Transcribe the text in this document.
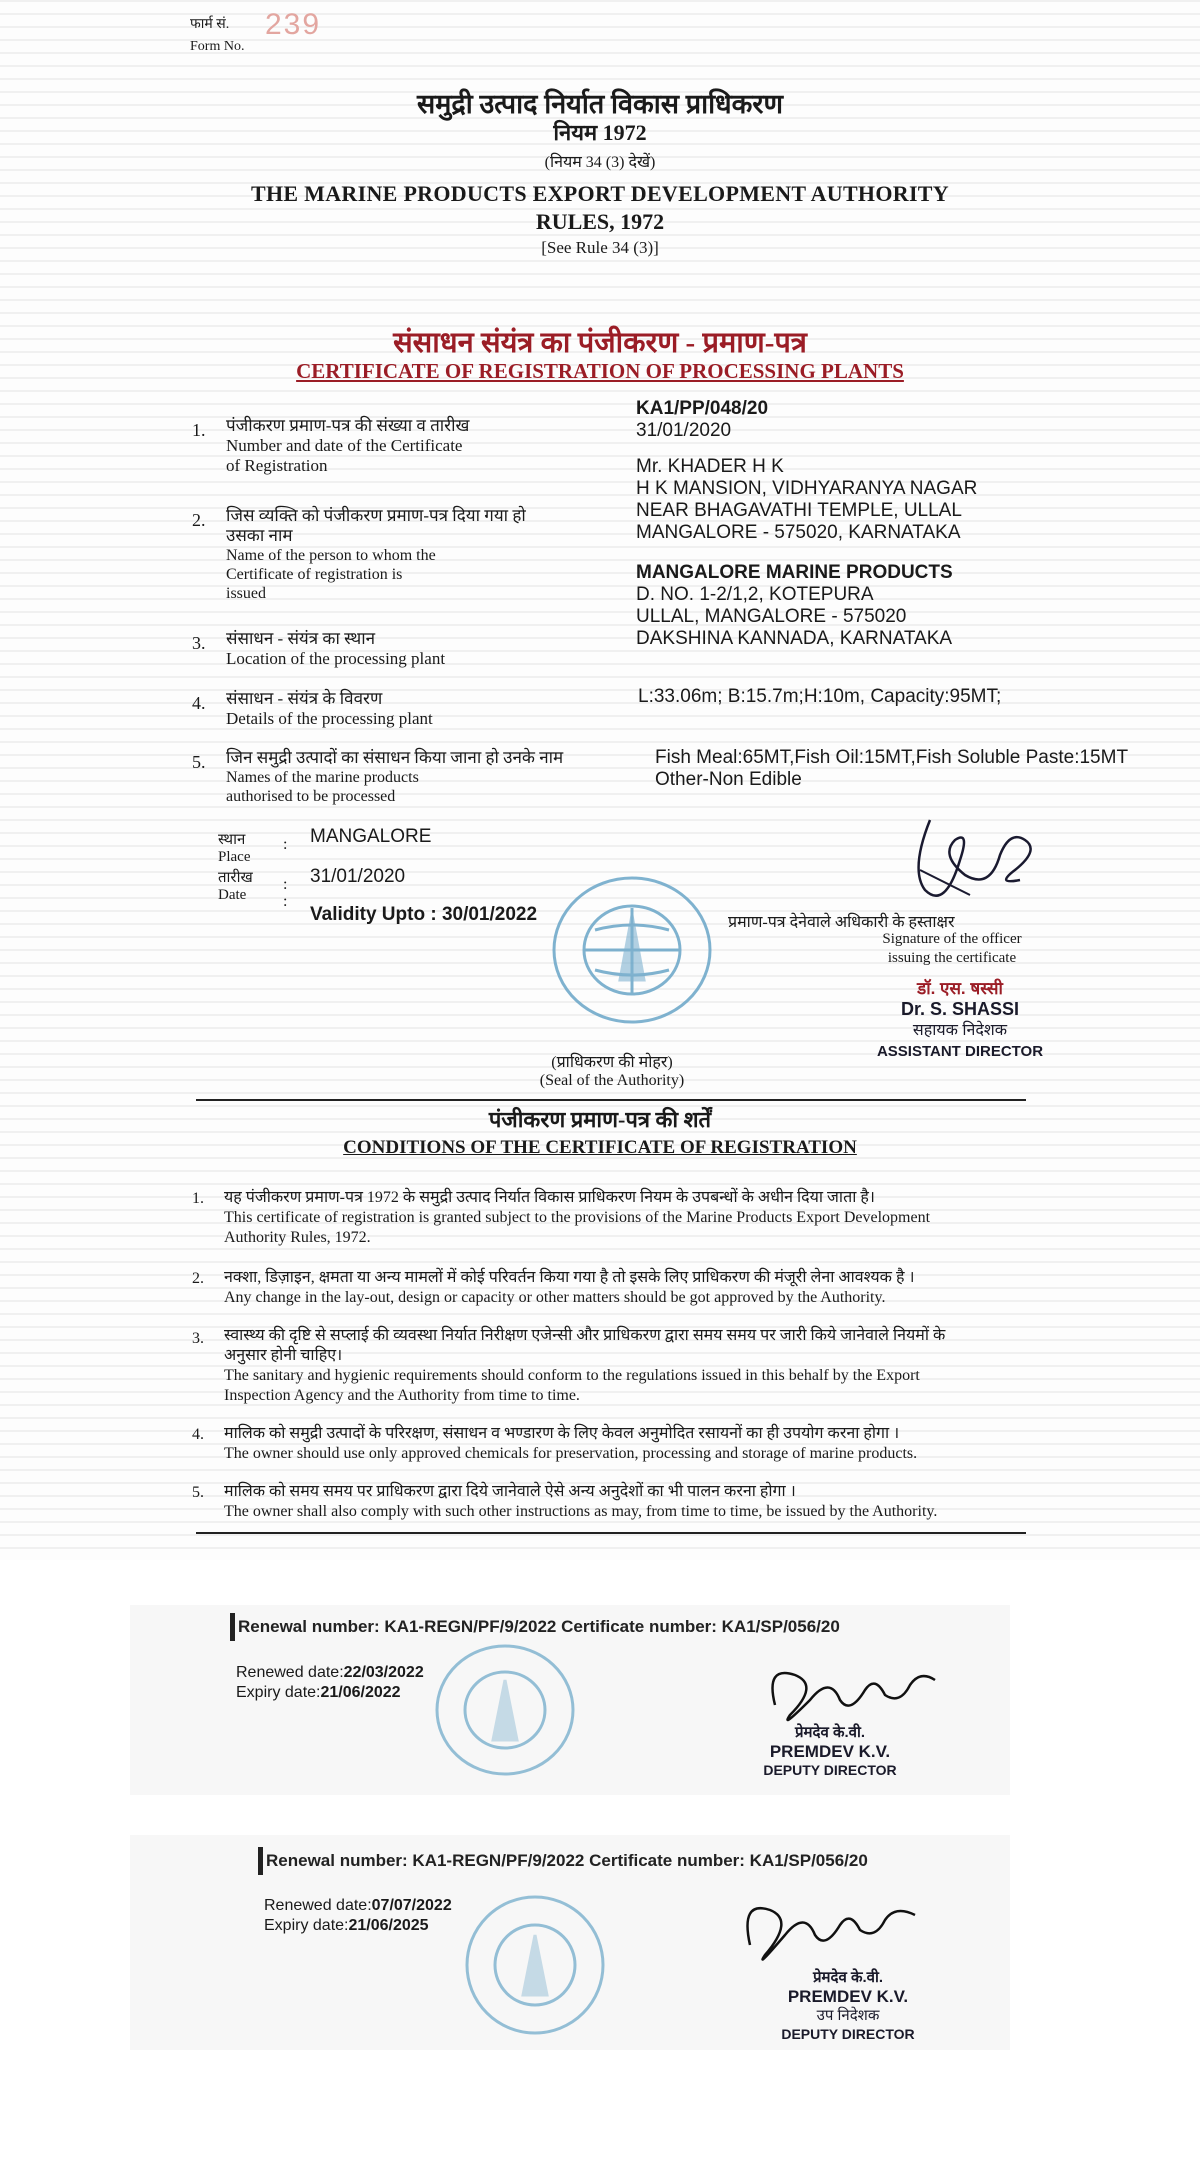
फार्म सं.
Form No.
239
समुद्री उत्पाद निर्यात विकास प्राधिकरण
नियम 1972
(नियम 34 (3) देखें)
THE MARINE PRODUCTS EXPORT DEVELOPMENT AUTHORITY
RULES, 1972
[See Rule 34 (3)]
संसाधन संयंत्र का पंजीकरण - प्रमाण-पत्र
CERTIFICATE OF REGISTRATION OF PROCESSING PLANTS
1. पंजीकरण प्रमाण-पत्र की संख्या व तारीख
Number and date of the Certificate
of Registration
KA1/PP/048/20
31/01/2020
2. जिस व्यक्ति को पंजीकरण प्रमाण-पत्र दिया गया हो
उसका नाम
Name of the person to whom the
Certificate of registration is
issued
Mr. KHADER H K
H K MANSION, VIDHYARANYA NAGAR
NEAR BHAGAVATHI TEMPLE, ULLAL
MANGALORE - 575020, KARNATAKA
3. संसाधन - संयंत्र का स्थान
Location of the processing plant
MANGALORE MARINE PRODUCTS
D. NO. 1-2/1,2, KOTEPURA
ULLAL, MANGALORE - 575020
DAKSHINA KANNADA, KARNATAKA
4. संसाधन - संयंत्र के विवरण
Details of the processing plant
L:33.06m; B:15.7m;H:10m, Capacity:95MT;
5. जिन समुद्री उत्पादों का संसाधन किया जाना हो उनके नाम
Names of the marine products
authorised to be processed
Fish Meal:65MT,Fish Oil:15MT,Fish Soluble Paste:15MT
Other-Non Edible
स्थान
Place
: MANGALORE
तारीख
Date
:
:
31/01/2020
Validity Upto : 30/01/2022
(प्राधिकरण की मोहर)
(Seal of the Authority)
प्रमाण-पत्र देनेवाले अधिकारी के हस्ताक्षर
Signature of the officer
issuing the certificate
डॉ. एस. षस्सी
Dr. S. SHASSI
सहायक निदेशक
ASSISTANT DIRECTOR
पंजीकरण प्रमाण-पत्र की शर्तें
CONDITIONS OF THE CERTIFICATE OF REGISTRATION
1. यह पंजीकरण प्रमाण-पत्र 1972 के समुद्री उत्पाद निर्यात विकास प्राधिकरण नियम के उपबन्धों के अधीन दिया जाता है।
This certificate of registration is granted subject to the provisions of the Marine Products Export Development
Authority Rules, 1972.
2. नक्शा, डिज़ाइन, क्षमता या अन्य मामलों में कोई परिवर्तन किया गया है तो इसके लिए प्राधिकरण की मंजूरी लेना आवश्यक है ।
Any change in the lay-out, design or capacity or other matters should be got approved by the Authority.
3. स्वास्थ्य की दृष्टि से सप्लाई की व्यवस्था निर्यात निरीक्षण एजेन्सी और प्राधिकरण द्वारा समय समय पर जारी किये जानेवाले नियमों के
अनुसार होनी चाहिए।
The sanitary and hygienic requirements should conform to the regulations issued in this behalf by the Export
Inspection Agency and the Authority from time to time.
4. मालिक को समुद्री उत्पादों के परिरक्षण, संसाधन व भण्डारण के लिए केवल अनुमोदित रसायनों का ही उपयोग करना होगा ।
The owner should use only approved chemicals for preservation, processing and storage of marine products.
5. मालिक को समय समय पर प्राधिकरण द्वारा दिये जानेवाले ऐसे अन्य अनुदेशों का भी पालन करना होगा ।
The owner shall also comply with such other instructions as may, from time to time, be issued by the Authority.
Renewal number: KA1-REGN/PF/9/2022 Certificate number: KA1/SP/056/20
Renewed date:22/03/2022
Expiry date:21/06/2022
प्रेमदेव के.वी.
PREMDEV K.V.
DEPUTY DIRECTOR
Renewal number: KA1-REGN/PF/9/2022 Certificate number: KA1/SP/056/20
Renewed date:07/07/2022
Expiry date:21/06/2025
प्रेमदेव के.वी.
PREMDEV K.V.
उप निदेशक
DEPUTY DIRECTOR
